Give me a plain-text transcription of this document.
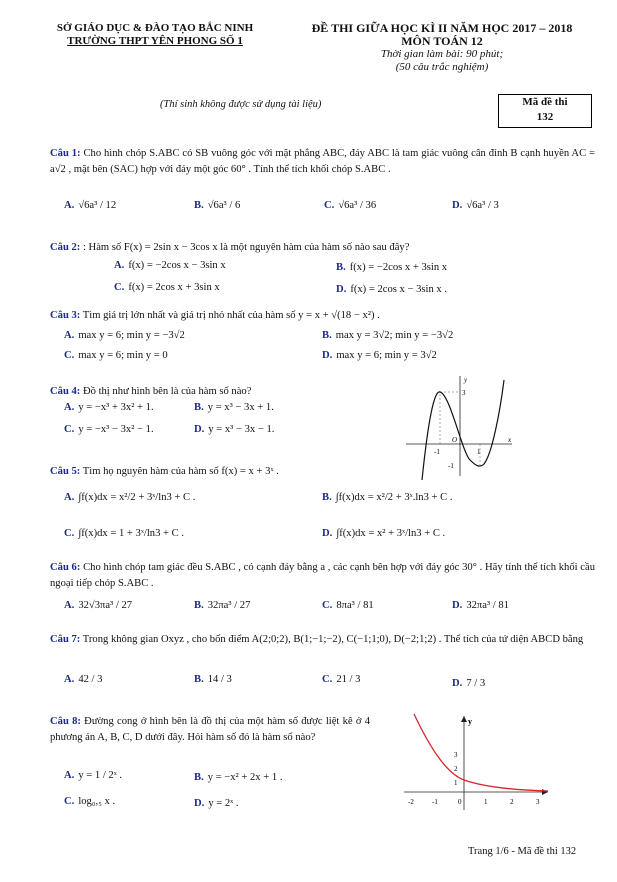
SỞ GIÁO DỤC & ĐÀO TẠO BẮC NINH
TRƯỜNG THPT YÊN PHONG SỐ 1
ĐỀ THI GIỮA HỌC KÌ II NĂM HỌC 2017 – 2018
MÔN TOÁN 12
Thời gian làm bài: 90 phút;
(50 câu trắc nghiệm)
(Thí sinh không được sử dụng tài liệu)	Mã đề thi
132
Câu 1: Cho hình chóp S.ABC có SB vuông góc với mặt phẳng ABC, đáy ABC là tam giác vuông cân đỉnh B cạnh huyền AC = a√2 , mặt bên (SAC) hợp với đáy một góc 60° . Tính thể tích khối chóp S.ABC .
A. √6a³ / 12	B. √6a³ / 6	C. √6a³ / 36	D. √6a³ / 3
Câu 2: : Hàm số F(x) = 2sin x − 3cos x là một nguyên hàm của hàm số nào sau đây?
A. f(x) = −2cos x − 3sin x	B. f(x) = −2cos x + 3sin x
C. f(x) = 2cos x + 3sin x	D. f(x) = 2cos x − 3sin x .
Câu 3: Tìm giá trị lớn nhất và giá trị nhỏ nhất của hàm số y = x + √(18 − x²) .
A. max y = 6; min y = −3√2	B. max y = 3√2; min y = −3√2
C. max y = 6; min y = 0	D. max y = 6; min y = 3√2
Câu 4: Đồ thị như hình bên là của hàm số nào?
A. y = −x³ + 3x² + 1.	B. y = x³ − 3x + 1.
C. y = −x³ − 3x² − 1.	D. y = x³ − 3x − 1.
y
x
3
O
1
-1
-1
Câu 5: Tìm họ nguyên hàm của hàm số f(x) = x + 3ˣ .
A. ∫f(x)dx = x²/2 + 3ˣ/ln3 + C .	B. ∫f(x)dx = x²/2 + 3ˣ.ln3 + C .
C. ∫f(x)dx = 1 + 3ˣ/ln3 + C .	D. ∫f(x)dx = x² + 3ˣ/ln3 + C .
Câu 6: Cho hình chóp tam giác đều S.ABC , có cạnh đáy bằng a , các cạnh bên hợp với đáy góc 30° . Hãy tính thể tích khối cầu ngoại tiếp chóp S.ABC .
A. 32√3πa³ / 27	B. 32πa³ / 27	C. 8πa³ / 81	D. 32πa³ / 81
Câu 7: Trong không gian Oxyz , cho bốn điểm A(2;0;2), B(1;−1;−2), C(−1;1;0), D(−2;1;2) . Thể tích của tứ diện ABCD bằng
A. 42 / 3	B. 14 / 3	C. 21 / 3	D. 7 / 3
Câu 8: Đường cong ở hình bên là đồ thị của một hàm số được liệt kê ở 4 phương án A, B, C, D dưới đây. Hỏi hàm số đó là hàm số nào?
A. y = 1 / 2ˣ .	B. y = −x² + 2x + 1 .
C. log₀,₅ x .	D. y = 2ˣ .
y
3
2
1
-2	-1	0	1	2	3
Trang 1/6 - Mã đề thi 132
